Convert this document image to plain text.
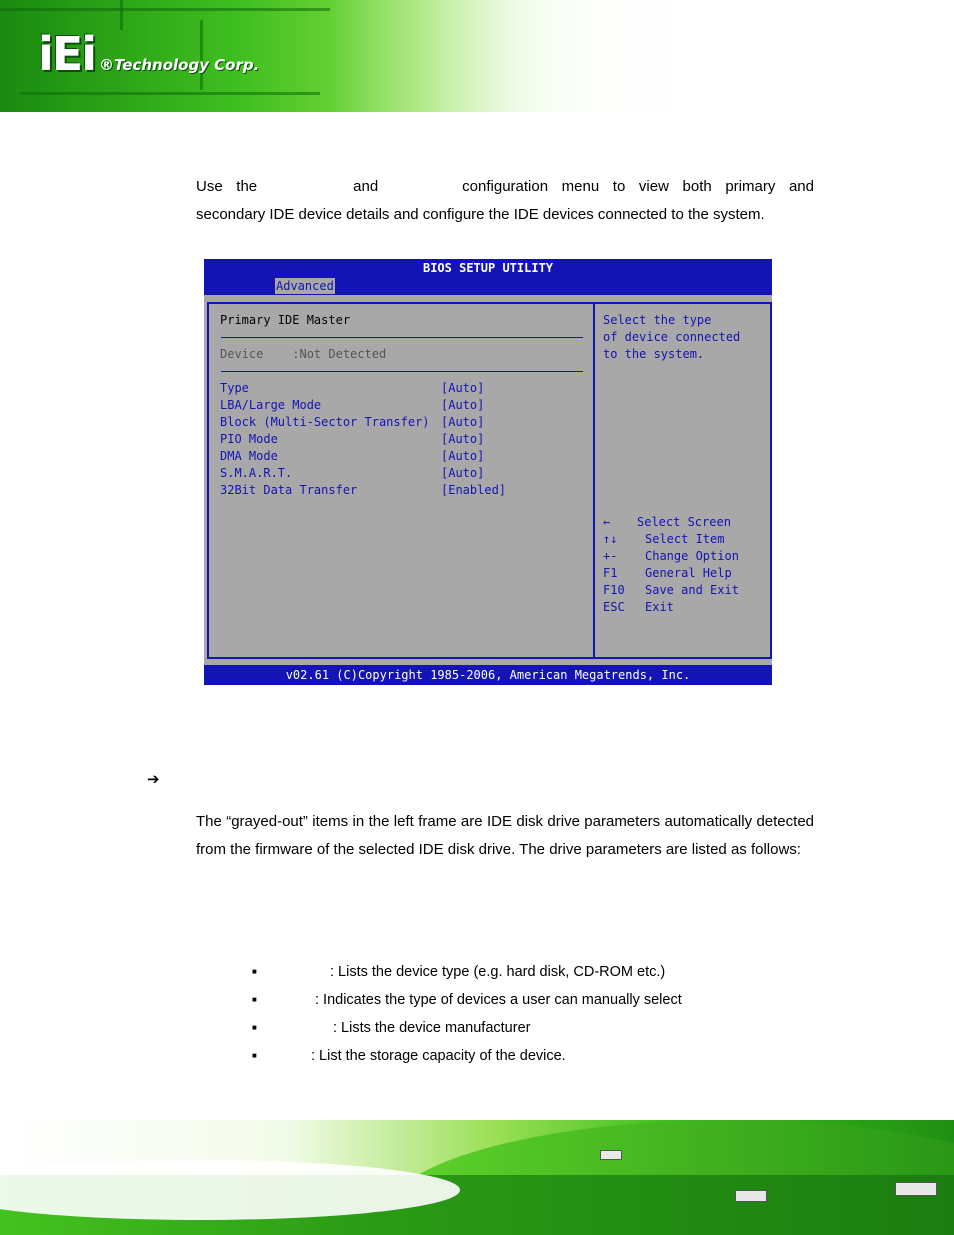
iEi ®Technology Corp.
Use the	and	configuration menu to view both primary and secondary IDE device details and configure the IDE devices connected to the system.
BIOS SETUP UTILITY
Advanced
Primary IDE Master
Device    :Not Detected
Type	[Auto]
LBA/Large Mode	[Auto]
Block (Multi-Sector Transfer) [Auto]
PIO Mode	[Auto]
DMA Mode	[Auto]
S.M.A.R.T.	[Auto]
32Bit Data Transfer	[Enabled]
Select the type
of device connected
to the system.
← Select Screen
↑↓ Select Item
+- Change Option
F1 General Help
F10 Save and Exit
ESC Exit
v02.61 (C)Copyright 1985-2006, American Megatrends, Inc.
➔
The “grayed-out” items in the left frame are IDE disk drive parameters automatically detected from the firmware of the selected IDE disk drive. The drive parameters are listed as follows:
■	: Lists the device type (e.g. hard disk, CD-ROM etc.)
■	: Indicates the type of devices a user can manually select
■	: Lists the device manufacturer
■	: List the storage capacity of the device.
